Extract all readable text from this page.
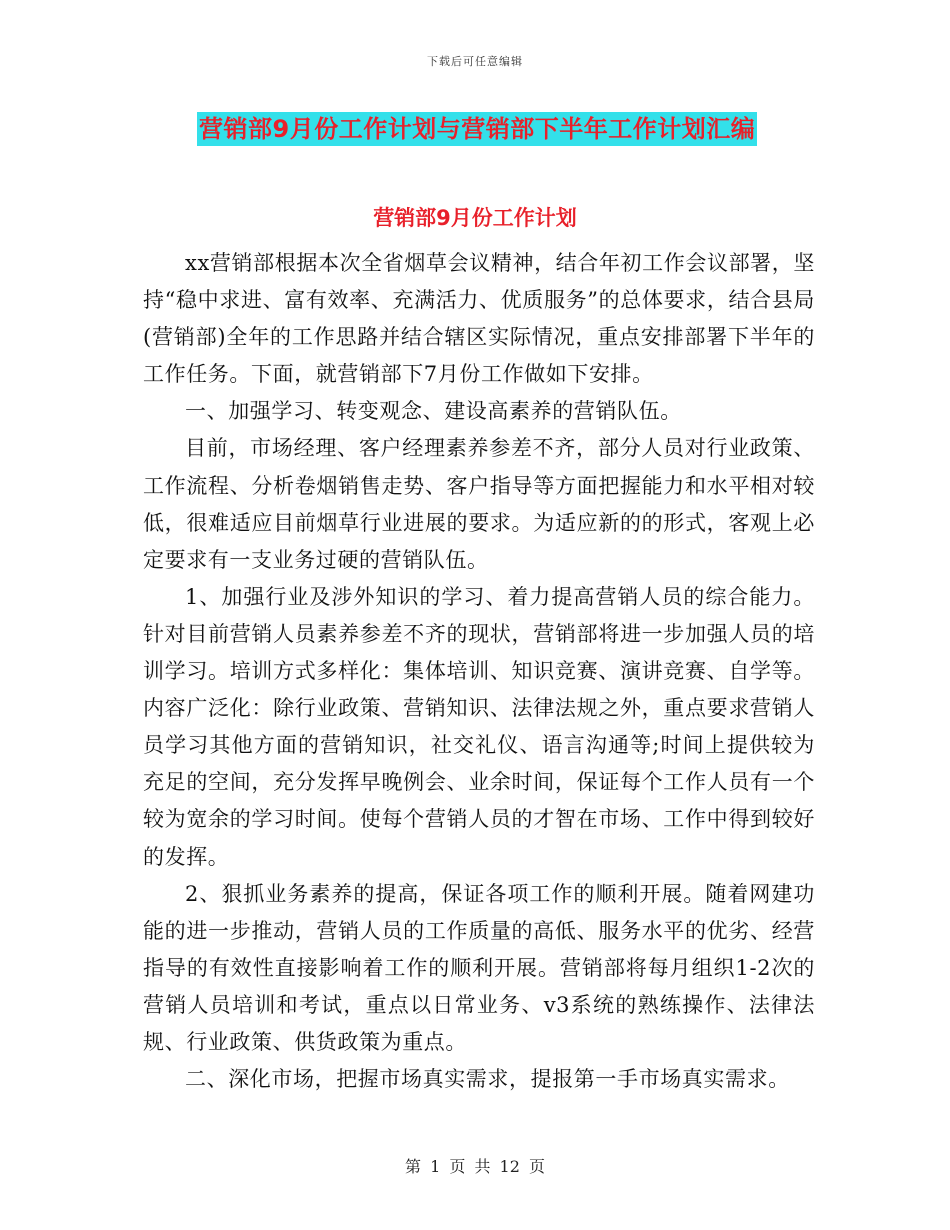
下载后可任意编辑
营销部9月份工作计划与营销部下半年工作计划汇编
营销部9月份工作计划

xx营销部根据本次全省烟草会议精神，结合年初工作会议部署，坚持“稳中求进、富有效率、充满活力、优质服务”的总体要求，结合县局(营销部)全年的工作思路并结合辖区实际情况，重点安排部署下半年的工作任务。下面，就营销部下7月份工作做如下安排。

一、加强学习、转变观念、建设高素养的营销队伍。

目前，市场经理、客户经理素养参差不齐，部分人员对行业政策、工作流程、分析卷烟销售走势、客户指导等方面把握能力和水平相对较低，很难适应目前烟草行业进展的要求。为适应新的的形式，客观上必定要求有一支业务过硬的营销队伍。

1、加强行业及涉外知识的学习、着力提高营销人员的综合能力。针对目前营销人员素养参差不齐的现状，营销部将进一步加强人员的培训学习。培训方式多样化：集体培训、知识竞赛、演讲竞赛、自学等。内容广泛化：除行业政策、营销知识、法律法规之外，重点要求营销人员学习其他方面的营销知识，社交礼仪、语言沟通等;时间上提供较为充足的空间，充分发挥早晚例会、业余时间，保证每个工作人员有一个较为宽余的学习时间。使每个营销人员的才智在市场、工作中得到较好的发挥。

2、狠抓业务素养的提高，保证各项工作的顺利开展。随着网建功能的进一步推动，营销人员的工作质量的高低、服务水平的优劣、经营指导的有效性直接影响着工作的顺利开展。营销部将每月组织1-2次的营销人员培训和考试，重点以日常业务、v3系统的熟练操作、法律法规、行业政策、供货政策为重点。

二、深化市场，把握市场真实需求，提报第一手市场真实需求。

第 1 页 共 12 页
